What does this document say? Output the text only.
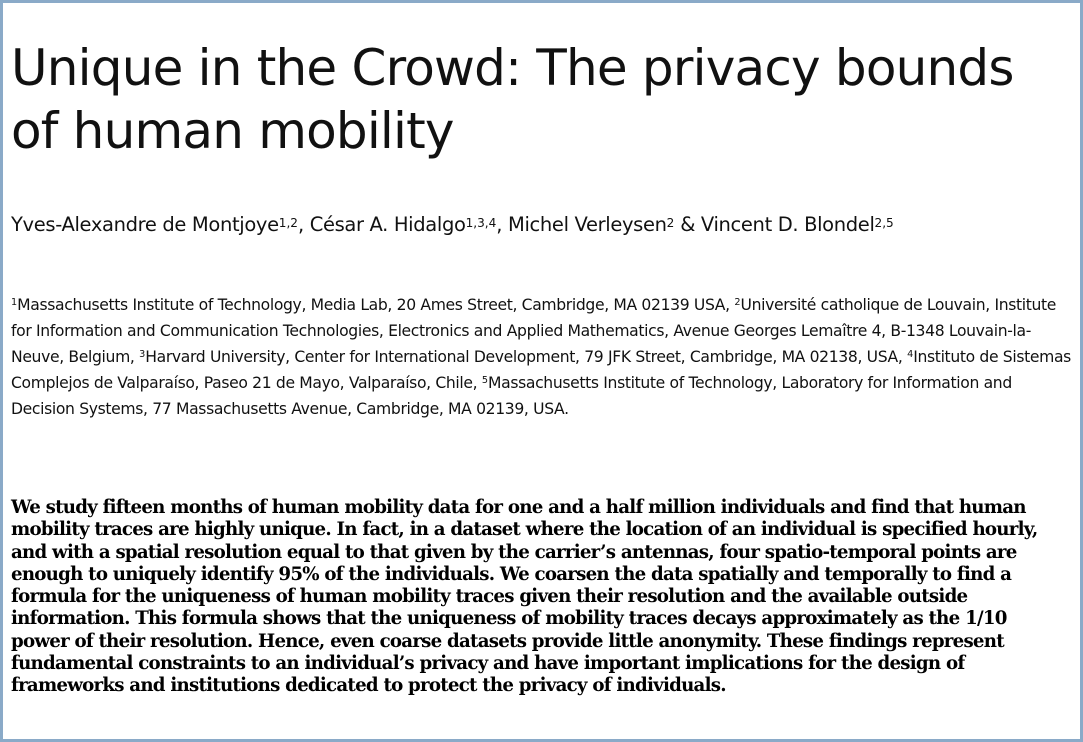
Unique in the Crowd: The privacy bounds
of human mobility
Yves-Alexandre de Montjoye$^{1,2}$, César A. Hidalgo$^{1,3,4}$, Michel Verleysen$^2$ & Vincent D. Blondel$^{2,5}$
$^1$Massachusetts Institute of Technology, Media Lab, 20 Ames Street, Cambridge, MA 02139 USA, $^2$Université catholique de Louvain, Institute for Information and Communication Technologies, Electronics and Applied Mathematics, Avenue Georges Lemaître 4, B-1348 Louvain-la-Neuve, Belgium, $^3$Harvard University, Center for International Development, 79 JFK Street, Cambridge, MA 02138, USA, $^4$Instituto de Sistemas Complejos de Valparaíso, Paseo 21 de Mayo, Valparaíso, Chile, $^5$Massachusetts Institute of Technology, Laboratory for Information and Decision Systems, 77 Massachusetts Avenue, Cambridge, MA 02139, USA.

We study fifteen months of human mobility data for one and a half million individuals and find that human
mobility traces are highly unique. In fact, in a dataset where the location of an individual is specified hourly,
and with a spatial resolution equal to that given by the carrier’s antennas, four spatio-temporal points are
enough to uniquely identify 95% of the individuals. We coarsen the data spatially and temporally to find a
formula for the uniqueness of human mobility traces given their resolution and the available outside
information. This formula shows that the uniqueness of mobility traces decays approximately as the 1/10
power of their resolution. Hence, even coarse datasets provide little anonymity. These findings represent
fundamental constraints to an individual’s privacy and have important implications for the design of
frameworks and institutions dedicated to protect the privacy of individuals.
